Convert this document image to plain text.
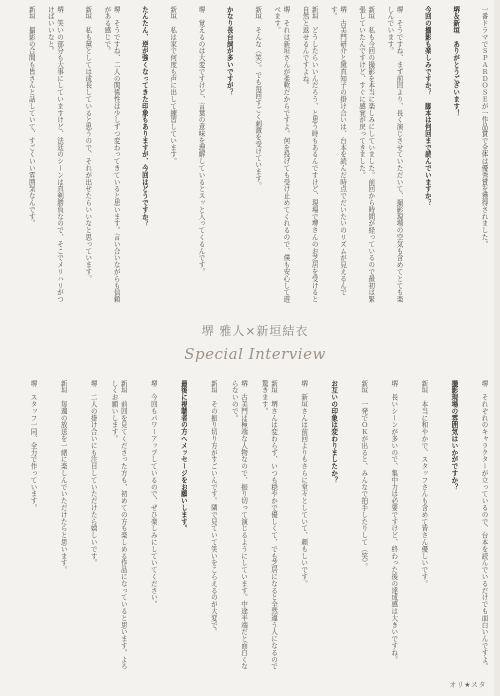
一番ドラマでＳＰＡＲＤＯＳＥが一作品賞で全体は優秀賞を獲得されました。

堺＆新垣　ありがとうございます！

今回の撮影も楽しみですか？　脚本は何回まで読んでいますか？

堺　そうですね、まず前回より、長く演じさせていただいて、撮影現場の空気も含めてとても楽しんでいます。

新垣　私も今回の撮影を本当に楽しみにしていました。前回から時間が経っているので最初は緊張していたんですけど、すぐに感覚が戻ってきました。

堺　古美門研介と黛真知子の掛け合いは、台本を読んだ時点でだいたいのリズムが見えるんです。

新垣　どうしたらいいんだろう、と思う時もあるんですけど、現場で堺さんのお芝居を受けると自然と返せるんですよね。

堺　それは新垣さんが柔軟だからですよ。何を投げても受け止めてくれるので、僕も安心して遊べます。

新垣　そんな（笑）。でも毎回すごく刺激を受けています。

かなり長台詞が多いですが？

堺　覚えるのは大変ですけど、言葉の意味を理解しているとスッと入ってくるんです。

新垣　私は家で何度も声に出して練習しています。

たんたん、逆が強くなってきた印象もありますが、今回はどうですか？

堺　そうですね、二人の関係性は少しずつ変わってきていると思います。言い合いながらも信頼がある感じで。

新垣　私も黛としては成長していると思うので、それが出せたらいいなと思っています。

堺　笑いの部分も大事にしていますけど、法廷のシーンは真剣勝負なので、そこでメリハリがつけばいいなと。

新垣　撮影の合間も皆さんと話していて、すごくいい雰囲気なんです。

堺 雅人×新垣結衣
Special Interview

堺　それぞれのキャラクターが立っているので、台本を読んでいるだけでも面白いんですよ。

撮影現場の雰囲気はいかがですか？

新垣　本当に和やかで、スタッフさんも含めて皆さん優しいです。

堺　長いシーンが多いので、集中力は必要ですけど、終わった後の達成感は大きいですね。

新垣　一発でＯＫが出ると、みんなで拍手したりして（笑）。

お互いの印象は変わりましたか？

堺　新垣さんは前回よりもさらに堂々としていて、頼もしいです。

新垣　堺さんは変わらず、いつも穏やかで優しくて、でも芝居になると全然違う人になるので驚きます。

堺　古美門は極端な人物なので、振り切って演じるようにしています。中途半端だと面白くならないので。

新垣　その振り切り方がすごいんです。隣で見ていて笑いをこらえるのが大変で。

最後に視聴者の方へメッセージをお願いします。

堺　今回もパワーアップしているので、ぜひ楽しみにしていてください。

新垣　前回を見てくださった方も、初めての方も楽しめる作品になっていると思います。よろしくお願いします。

堺　二人の掛け合いにも注目していただけたら嬉しいです。

新垣　毎週の放送を一緒に楽しんでいただけたらと思います。

堺　スタッフ一同、全力で作っています。

オリ★スタ
